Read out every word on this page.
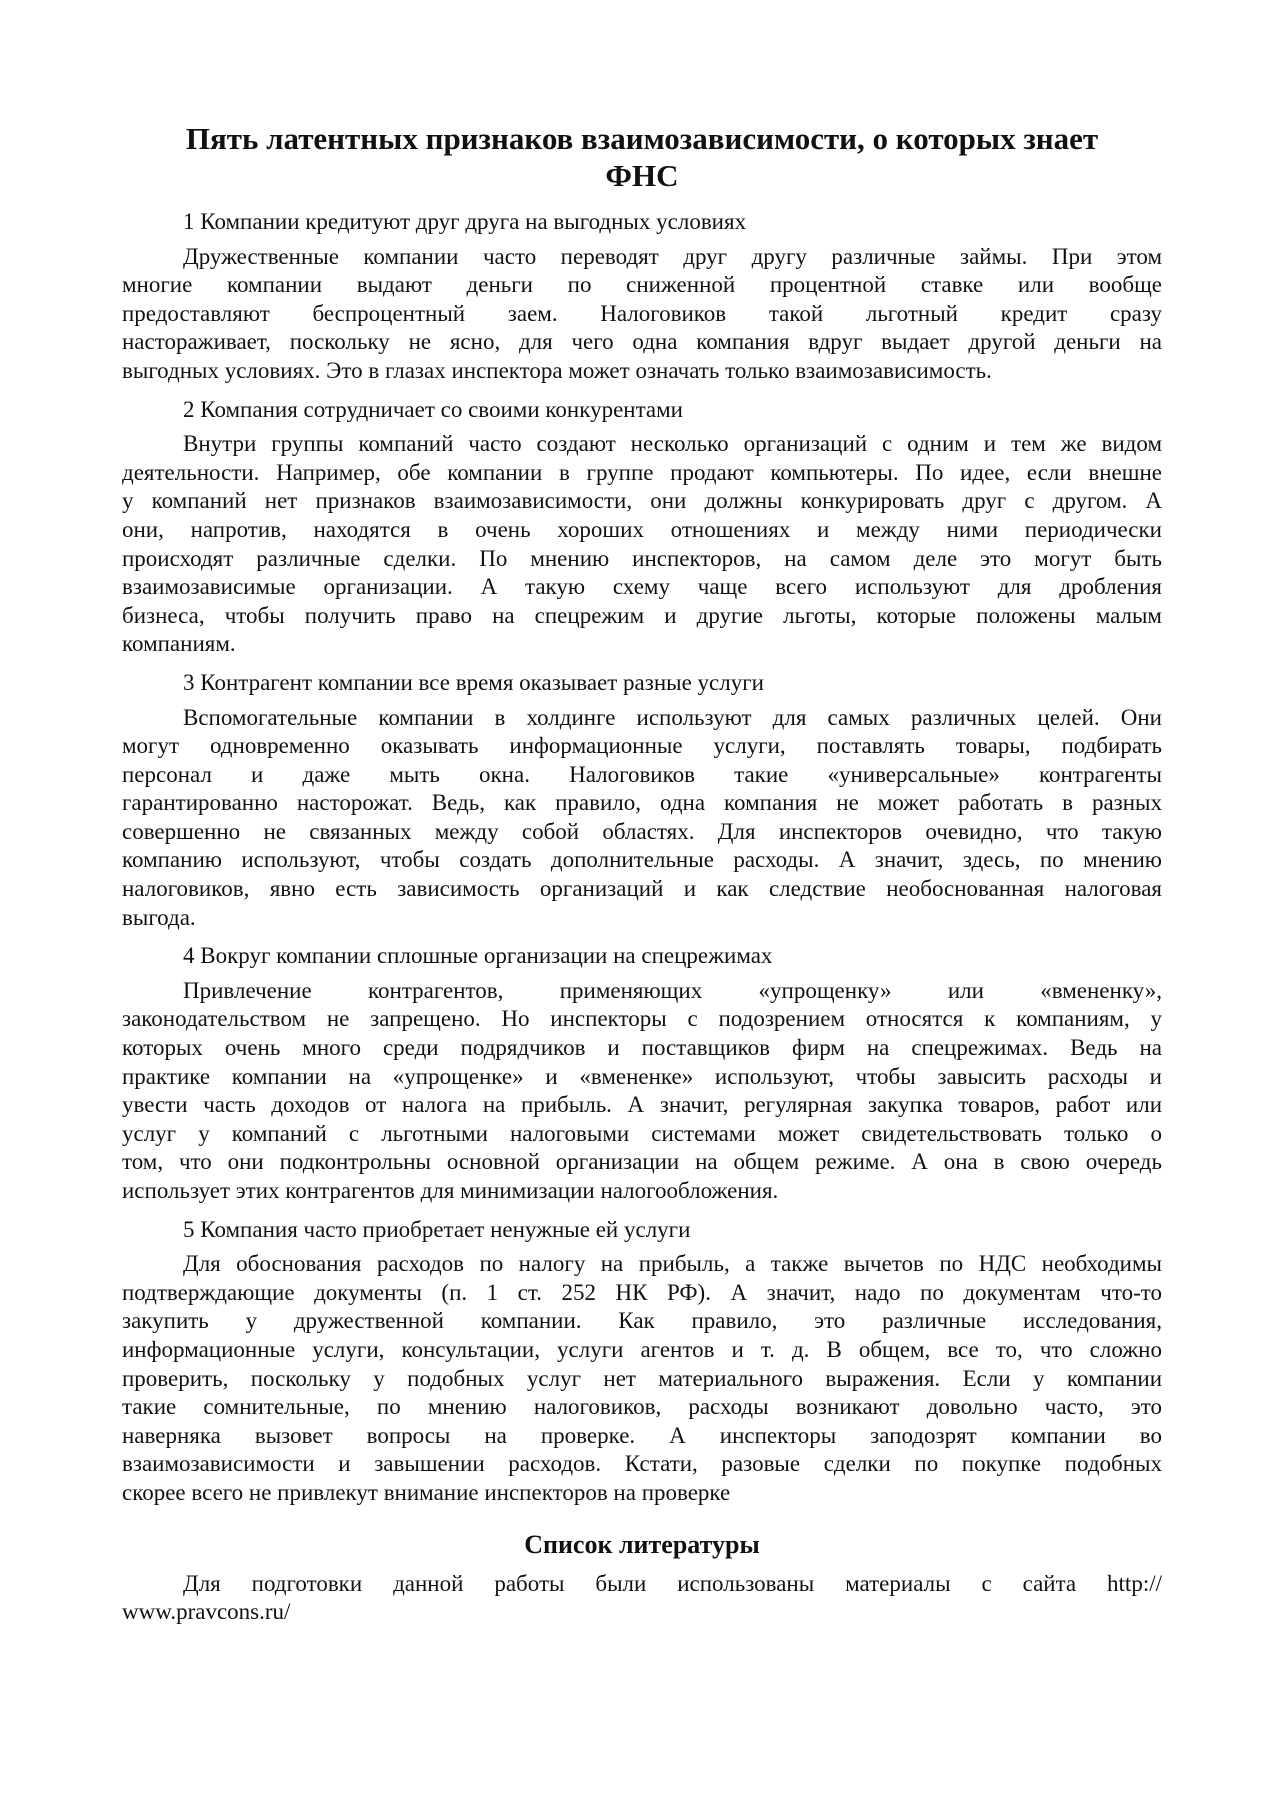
Пять латентных признаков взаимозависимости, о которых знает
ФНС
1 Компании кредитуют друг друга на выгодных условиях
Дружественные компании часто переводят друг другу различные займы. При этом
многие компании выдают деньги по сниженной процентной ставке или вообще
предоставляют беспроцентный заем. Налоговиков такой льготный кредит сразу
настораживает, поскольку не ясно, для чего одна компания вдруг выдает другой деньги на
выгодных условиях. Это в глазах инспектора может означать только взаимозависимость.
2 Компания сотрудничает со своими конкурентами
Внутри группы компаний часто создают несколько организаций с одним и тем же видом
деятельности. Например, обе компании в группе продают компьютеры. По идее, если внешне
у компаний нет признаков взаимозависимости, они должны конкурировать друг с другом. А
они, напротив, находятся в очень хороших отношениях и между ними периодически
происходят различные сделки. По мнению инспекторов, на самом деле это могут быть
взаимозависимые организации. А такую схему чаще всего используют для дробления
бизнеса, чтобы получить право на спецрежим и другие льготы, которые положены малым
компаниям.
3 Контрагент компании все время оказывает разные услуги
Вспомогательные компании в холдинге используют для самых различных целей. Они
могут одновременно оказывать информационные услуги, поставлять товары, подбирать
персонал и даже мыть окна. Налоговиков такие «универсальные» контрагенты
гарантированно насторожат. Ведь, как правило, одна компания не может работать в разных
совершенно не связанных между собой областях. Для инспекторов очевидно, что такую
компанию используют, чтобы создать дополнительные расходы. А значит, здесь, по мнению
налоговиков, явно есть зависимость организаций и как следствие необоснованная налоговая
выгода.
4 Вокруг компании сплошные организации на спецрежимах
Привлечение контрагентов, применяющих «упрощенку» или «вмененку»,
законодательством не запрещено. Но инспекторы с подозрением относятся к компаниям, у
которых очень много среди подрядчиков и поставщиков фирм на спецрежимах. Ведь на
практике компании на «упрощенке» и «вмененке» используют, чтобы завысить расходы и
увести часть доходов от налога на прибыль. А значит, регулярная закупка товаров, работ или
услуг у компаний с льготными налоговыми системами может свидетельствовать только о
том, что они подконтрольны основной организации на общем режиме. А она в свою очередь
использует этих контрагентов для минимизации налогообложения.
5 Компания часто приобретает ненужные ей услуги
Для обоснования расходов по налогу на прибыль, а также вычетов по НДС необходимы
подтверждающие документы (п. 1 ст. 252 НК РФ). А значит, надо по документам что-то
закупить у дружественной компании. Как правило, это различные исследования,
информационные услуги, консультации, услуги агентов и т. д. В общем, все то, что сложно
проверить, поскольку у подобных услуг нет материального выражения. Если у компании
такие сомнительные, по мнению налоговиков, расходы возникают довольно часто, это
наверняка вызовет вопросы на проверке. А инспекторы заподозрят компании во
взаимозависимости и завышении расходов. Кстати, разовые сделки по покупке подобных
скорее всего не привлекут внимание инспекторов на проверке
Список литературы
Для подготовки данной работы были использованы материалы с сайта http://
www.pravcons.ru/
